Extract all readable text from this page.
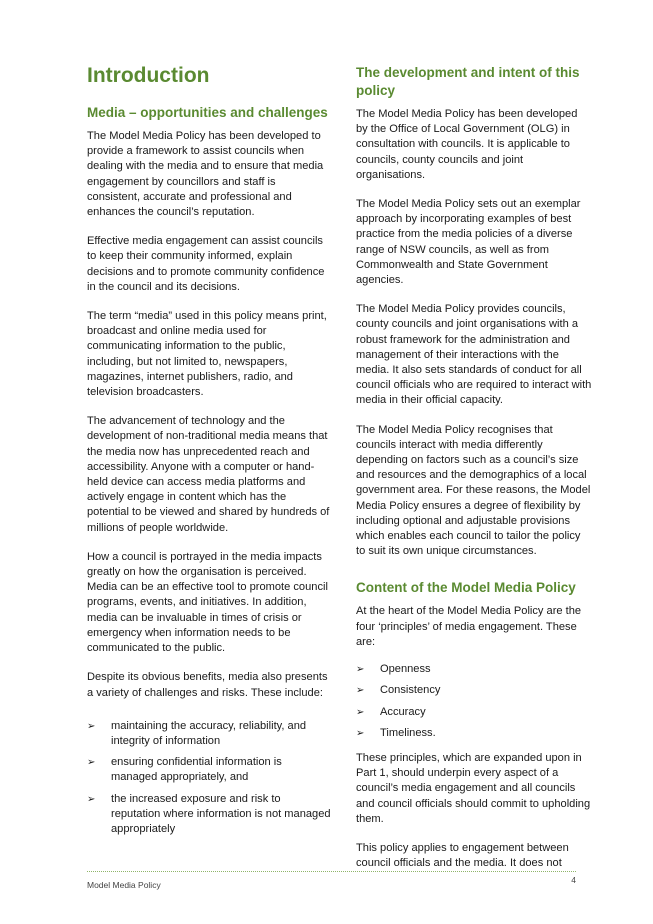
Introduction
Media – opportunities and challenges

The Model Media Policy has been developed to provide a framework to assist councils when dealing with the media and to ensure that media engagement by councillors and staff is consistent, accurate and professional and enhances the council’s reputation.

Effective media engagement can assist councils to keep their community informed, explain decisions and to promote community confidence in the council and its decisions.

The term “media” used in this policy means print, broadcast and online media used for communicating information to the public, including, but not limited to, newspapers, magazines, internet publishers, radio, and television broadcasters.

The advancement of technology and the development of non-traditional media means that the media now has unprecedented reach and accessibility. Anyone with a computer or hand-held device can access media platforms and actively engage in content which has the potential to be viewed and shared by hundreds of millions of people worldwide.

How a council is portrayed in the media impacts greatly on how the organisation is perceived. Media can be an effective tool to promote council programs, events, and initiatives. In addition, media can be invaluable in times of crisis or emergency when information needs to be communicated to the public.

Despite its obvious benefits, media also presents a variety of challenges and risks. These include:

➢ maintaining the accuracy, reliability, and integrity of information
➢ ensuring confidential information is managed appropriately, and
➢ the increased exposure and risk to reputation where information is not managed appropriately
The development and intent of this policy

The Model Media Policy has been developed by the Office of Local Government (OLG) in consultation with councils. It is applicable to councils, county councils and joint organisations.

The Model Media Policy sets out an exemplar approach by incorporating examples of best practice from the media policies of a diverse range of NSW councils, as well as from Commonwealth and State Government agencies.

The Model Media Policy provides councils, county councils and joint organisations with a robust framework for the administration and management of their interactions with the media. It also sets standards of conduct for all council officials who are required to interact with media in their official capacity.

The Model Media Policy recognises that councils interact with media differently depending on factors such as a council’s size and resources and the demographics of a local government area. For these reasons, the Model Media Policy ensures a degree of flexibility by including optional and adjustable provisions which enables each council to tailor the policy to suit its own unique circumstances.

Content of the Model Media Policy

At the heart of the Model Media Policy are the four ‘principles’ of media engagement. These are:

➢ Openness
➢ Consistency
➢ Accuracy
➢ Timeliness.

These principles, which are expanded upon in Part 1, should underpin every aspect of a council’s media engagement and all councils and council officials should commit to upholding them.

This policy applies to engagement between council officials and the media. It does not

Model Media Policy	4
